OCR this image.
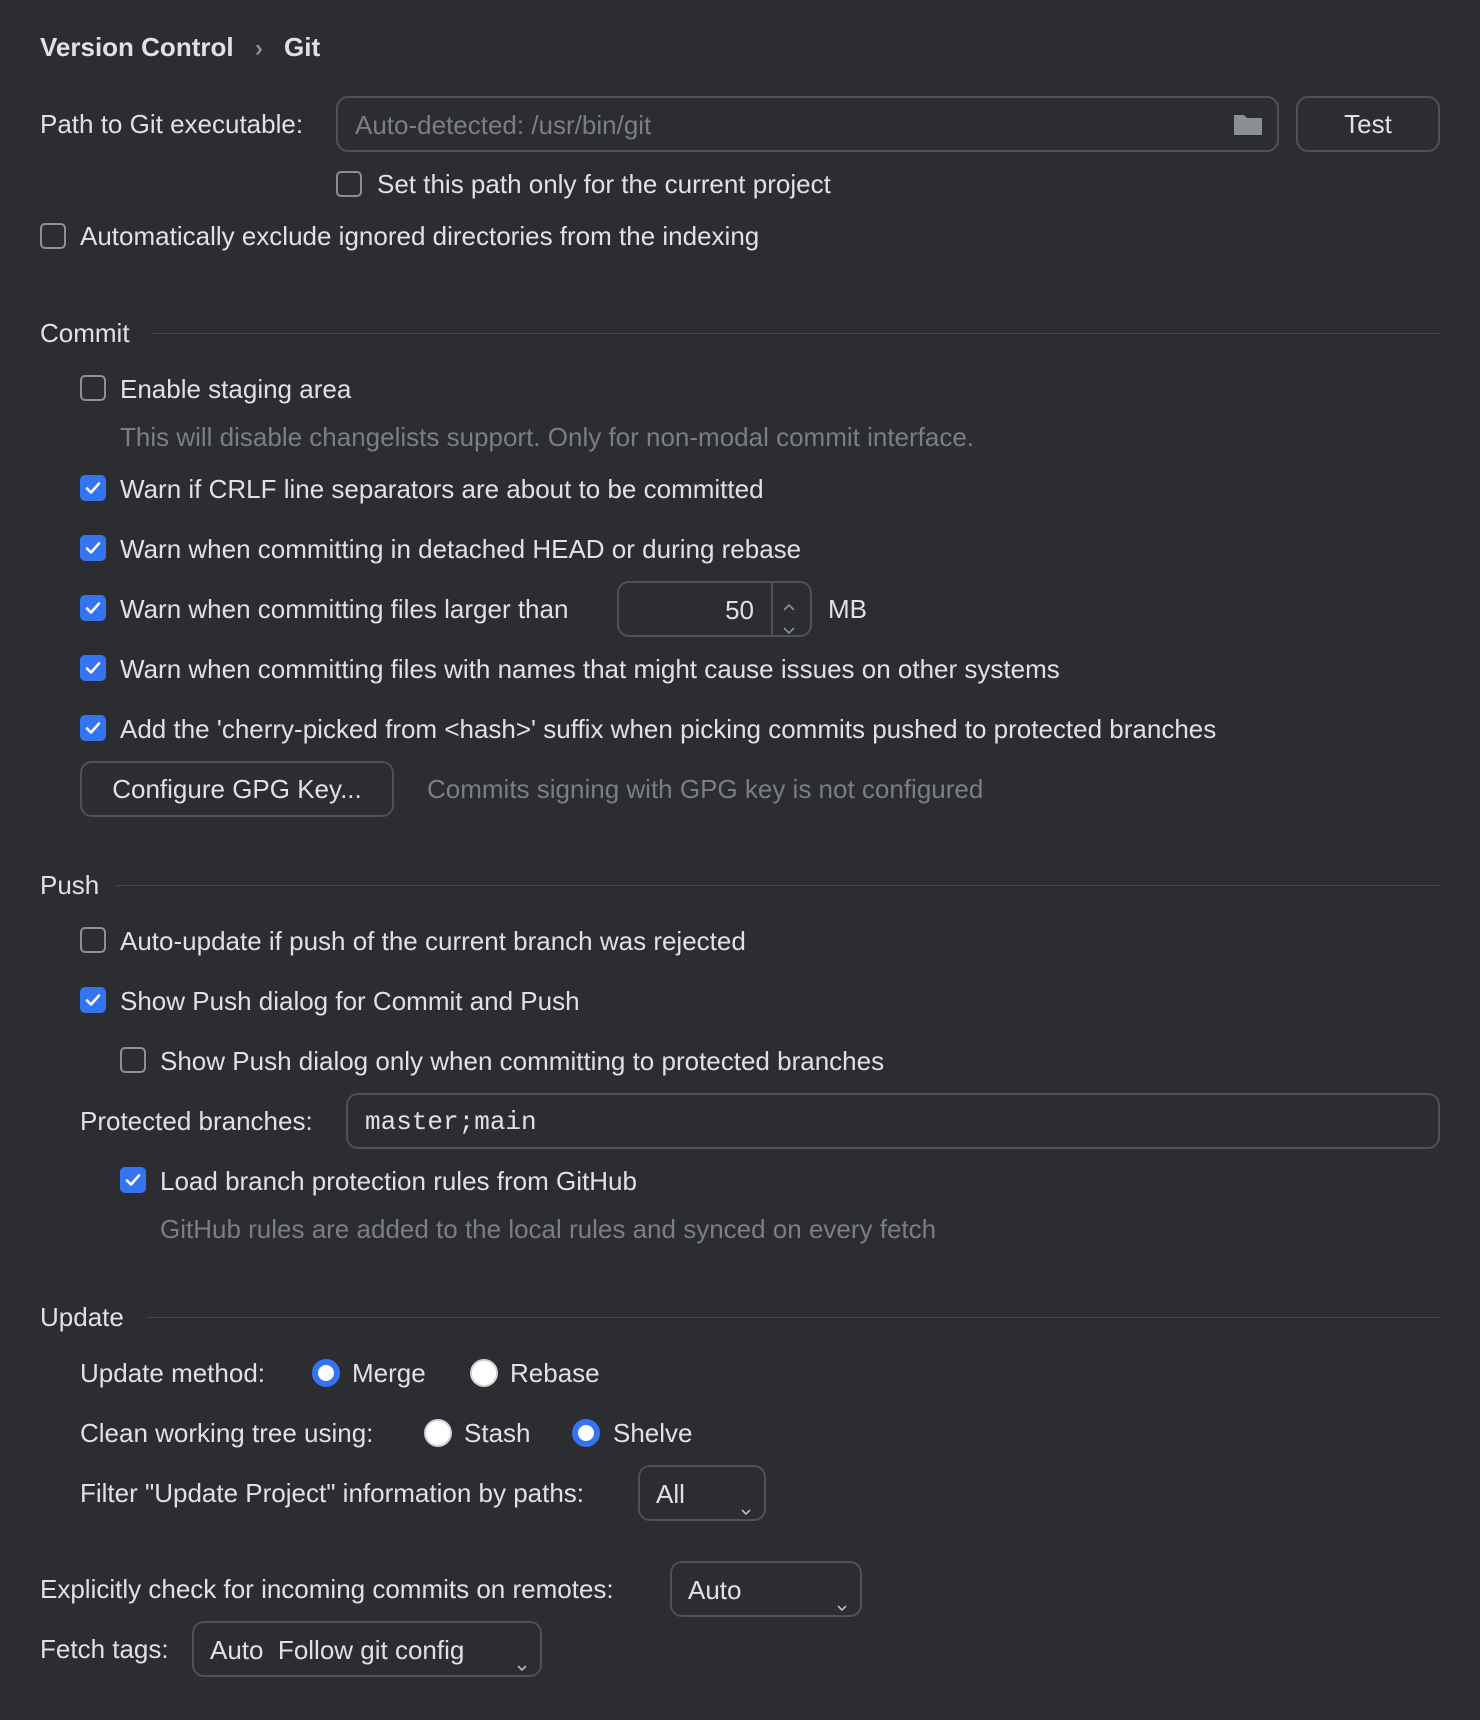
Version Control › Git
Path to Git executable: Auto-detected: /usr/bin/git	Test
Set this path only for the current project
Automatically exclude ignored directories from the indexing
Commit
Enable staging area
This will disable changelists support. Only for non-modal commit interface.
Warn if CRLF line separators are about to be committed
Warn when committing in detached HEAD or during rebase
Warn when committing files larger than	50	MB
Warn when committing files with names that might cause issues on other systems
Add the 'cherry-picked from <hash>' suffix when picking commits pushed to protected branches
Configure GPG Key...	Commits signing with GPG key is not configured
Push
Auto-update if push of the current branch was rejected
Show Push dialog for Commit and Push
Show Push dialog only when committing to protected branches
Protected branches: master;main
Load branch protection rules from GitHub
GitHub rules are added to the local rules and synced on every fetch
Update
Update method:	Merge	Rebase
Clean working tree using:	Stash	Shelve
Filter "Update Project" information by paths:	All
Explicitly check for incoming commits on remotes:	Auto
Fetch tags: Auto  Follow git config
